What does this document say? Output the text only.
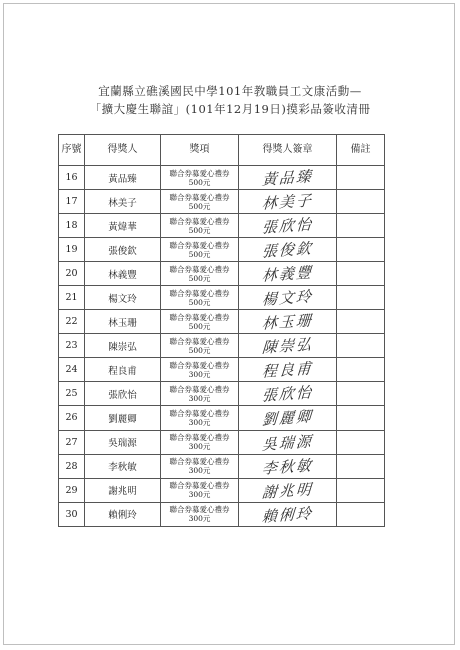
宜蘭縣立礁溪國民中學101年教職員工文康活動—
「擴大慶生聯誼」(101年12月19日)摸彩品簽收清冊
序號	得獎人	獎項	得獎人簽章	備註
16	黃品臻	聯合券募愛心禮券
500元	黃品臻	
17	林美子	聯合券募愛心禮券
500元	林美子	
18	黃煒華	聯合券募愛心禮券
500元	張欣怡	
19	張俊欽	聯合券募愛心禮券
500元	張俊欽	
20	林義豐	聯合券募愛心禮券
500元	林義豐	
21	楊文玲	聯合券募愛心禮券
500元	楊文玲	
22	林玉珊	聯合券募愛心禮券
500元	林玉珊	
23	陳崇弘	聯合券募愛心禮券
500元	陳崇弘	
24	程良甫	聯合券募愛心禮券
300元	程良甫	
25	張欣怡	聯合券募愛心禮券
300元	張欣怡	
26	劉麗卿	聯合券募愛心禮券
300元	劉麗卿	
27	吳瑞源	聯合券募愛心禮券
300元	吳瑞源	
28	李秋敏	聯合券募愛心禮券
300元	李秋敏	
29	謝兆明	聯合券募愛心禮券
300元	謝兆明	
30	賴俐玲	聯合券募愛心禮券
300元	賴俐玲	
